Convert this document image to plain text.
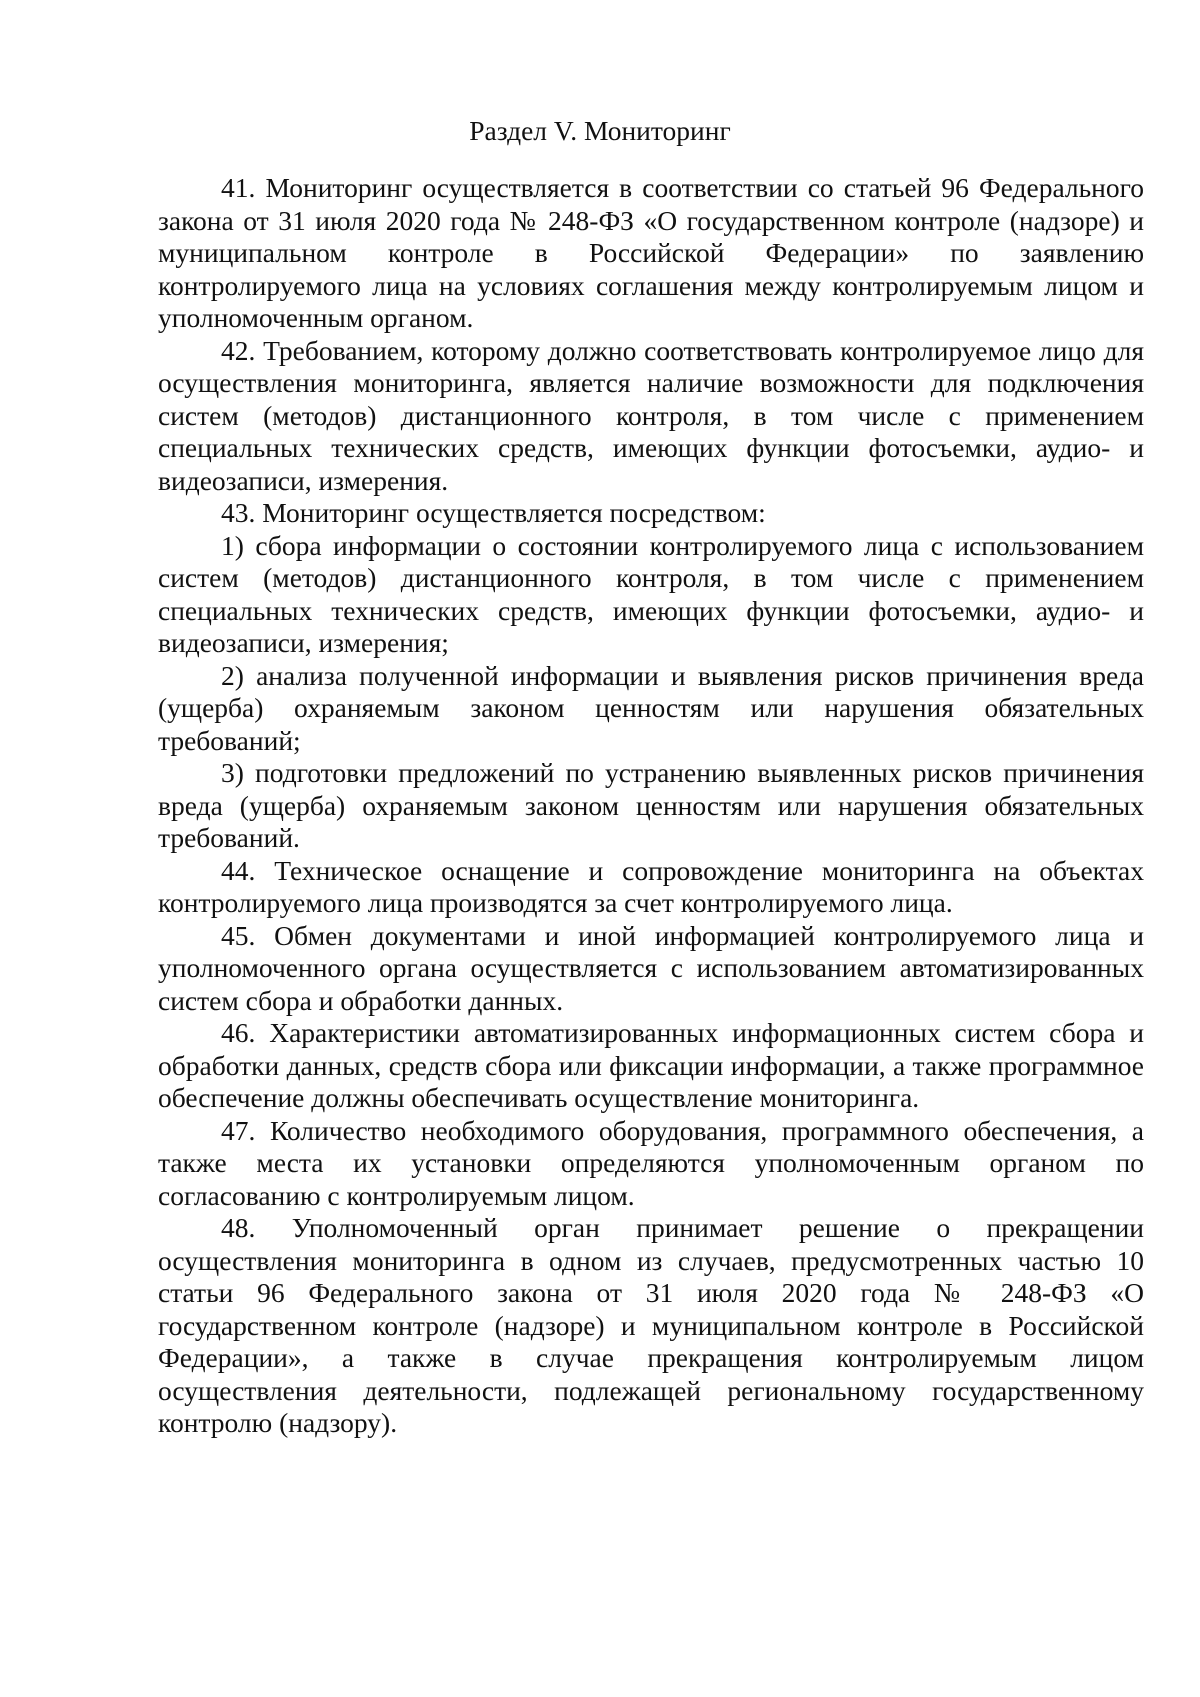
Раздел V. Мониторинг

41. Мониторинг осуществляется в соответствии со статьей 96 Федерального закона от 31 июля 2020 года № 248-ФЗ «О государственном контроле (надзоре) и муниципальном контроле в Российской Федерации» по заявлению контролируемого лица на условиях соглашения между контролируемым лицом и уполномоченным органом.

42. Требованием, которому должно соответствовать контролируемое лицо для осуществления мониторинга, является наличие возможности для подключения систем (методов) дистанционного контроля, в том числе с применением специальных технических средств, имеющих функции фотосъемки, аудио- и видеозаписи, измерения.

43. Мониторинг осуществляется посредством:

1) сбора информации о состоянии контролируемого лица с использованием систем (методов) дистанционного контроля, в том числе с применением специальных технических средств, имеющих функции фотосъемки, аудио- и видеозаписи, измерения;

2) анализа полученной информации и выявления рисков причинения вреда (ущерба) охраняемым законом ценностям или нарушения обязательных требований;

3) подготовки предложений по устранению выявленных рисков причинения вреда (ущерба) охраняемым законом ценностям или нарушения обязательных требований.

44. Техническое оснащение и сопровождение мониторинга на объектах контролируемого лица производятся за счет контролируемого лица.

45. Обмен документами и иной информацией контролируемого лица и уполномоченного органа осуществляется с использованием автоматизированных систем сбора и обработки данных.

46. Характеристики автоматизированных информационных систем сбора и обработки данных, средств сбора или фиксации информации, а также программное обеспечение должны обеспечивать осуществление мониторинга.

47. Количество необходимого оборудования, программного обеспечения, а также места их установки определяются уполномоченным органом по согласованию с контролируемым лицом.

48. Уполномоченный орган принимает решение о прекращении осуществления мониторинга в одном из случаев, предусмотренных частью 10 статьи 96 Федерального закона от 31 июля 2020 года № 248-ФЗ «О государственном контроле (надзоре) и муниципальном контроле в Российской Федерации», а также в случае прекращения контролируемым лицом осуществления деятельности, подлежащей региональному государственному контролю (надзору).
